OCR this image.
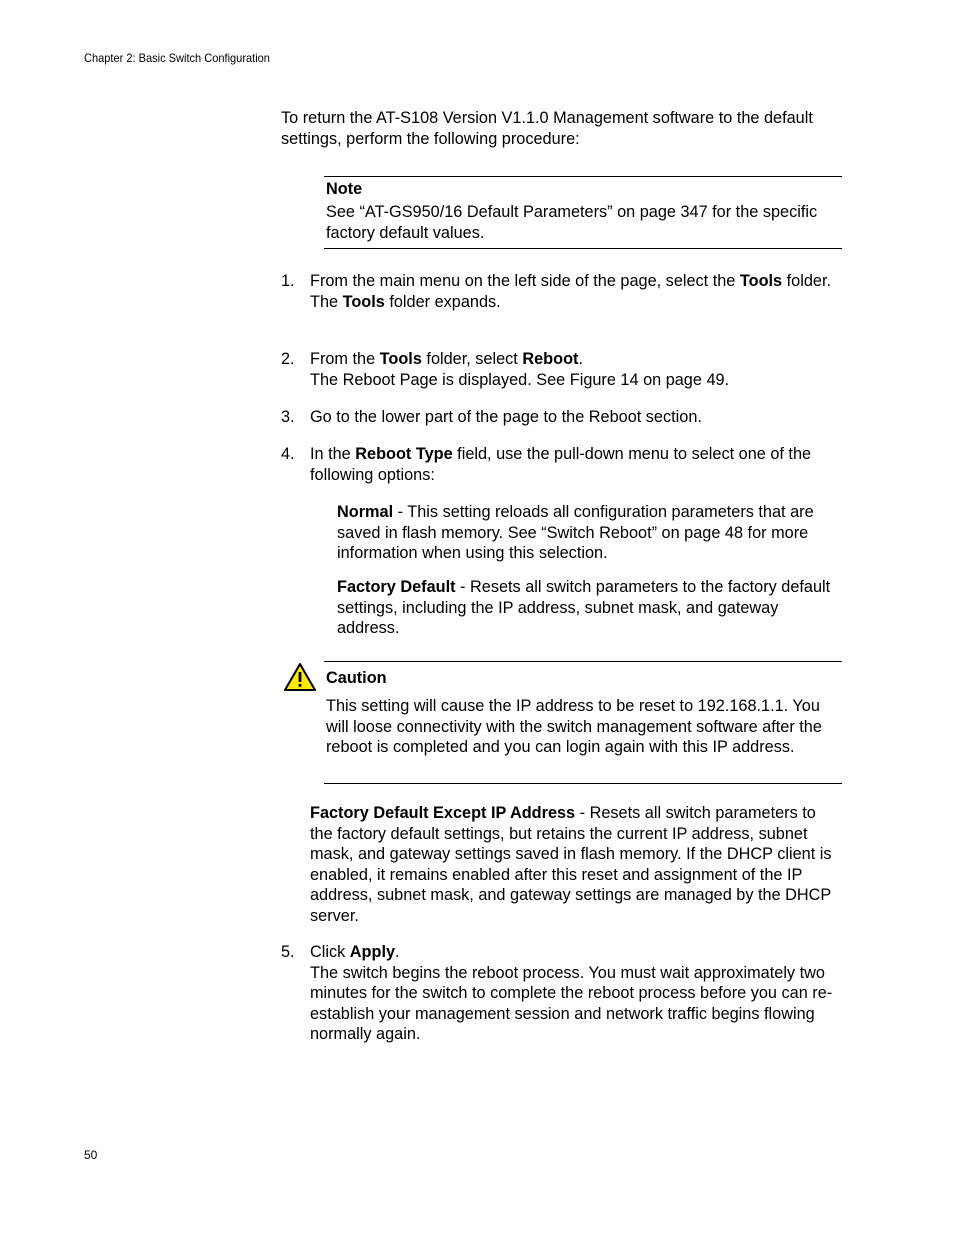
Chapter 2: Basic Switch Configuration
To return the AT-S108 Version V1.1.0 Management software to the default settings, perform the following procedure:
Note
See “AT-GS950/16 Default Parameters” on page 347 for the specific factory default values.
1. From the main menu on the left side of the page, select the Tools folder.
The Tools folder expands.
2. From the Tools folder, select Reboot.
The Reboot Page is displayed. See Figure 14 on page 49.
3. Go to the lower part of the page to the Reboot section.
4. In the Reboot Type field, use the pull-down menu to select one of the following options:
Normal - This setting reloads all configuration parameters that are saved in flash memory. See “Switch Reboot” on page 48 for more information when using this selection.
Factory Default - Resets all switch parameters to the factory default settings, including the IP address, subnet mask, and gateway address.
Caution
This setting will cause the IP address to be reset to 192.168.1.1. You will loose connectivity with the switch management software after the reboot is completed and you can login again with this IP address.
Factory Default Except IP Address - Resets all switch parameters to the factory default settings, but retains the current IP address, subnet mask, and gateway settings saved in flash memory. If the DHCP client is enabled, it remains enabled after this reset and assignment of the IP address, subnet mask, and gateway settings are managed by the DHCP server.
5. Click Apply.
The switch begins the reboot process. You must wait approximately two minutes for the switch to complete the reboot process before you can re-establish your management session and network traffic begins flowing normally again.
50
